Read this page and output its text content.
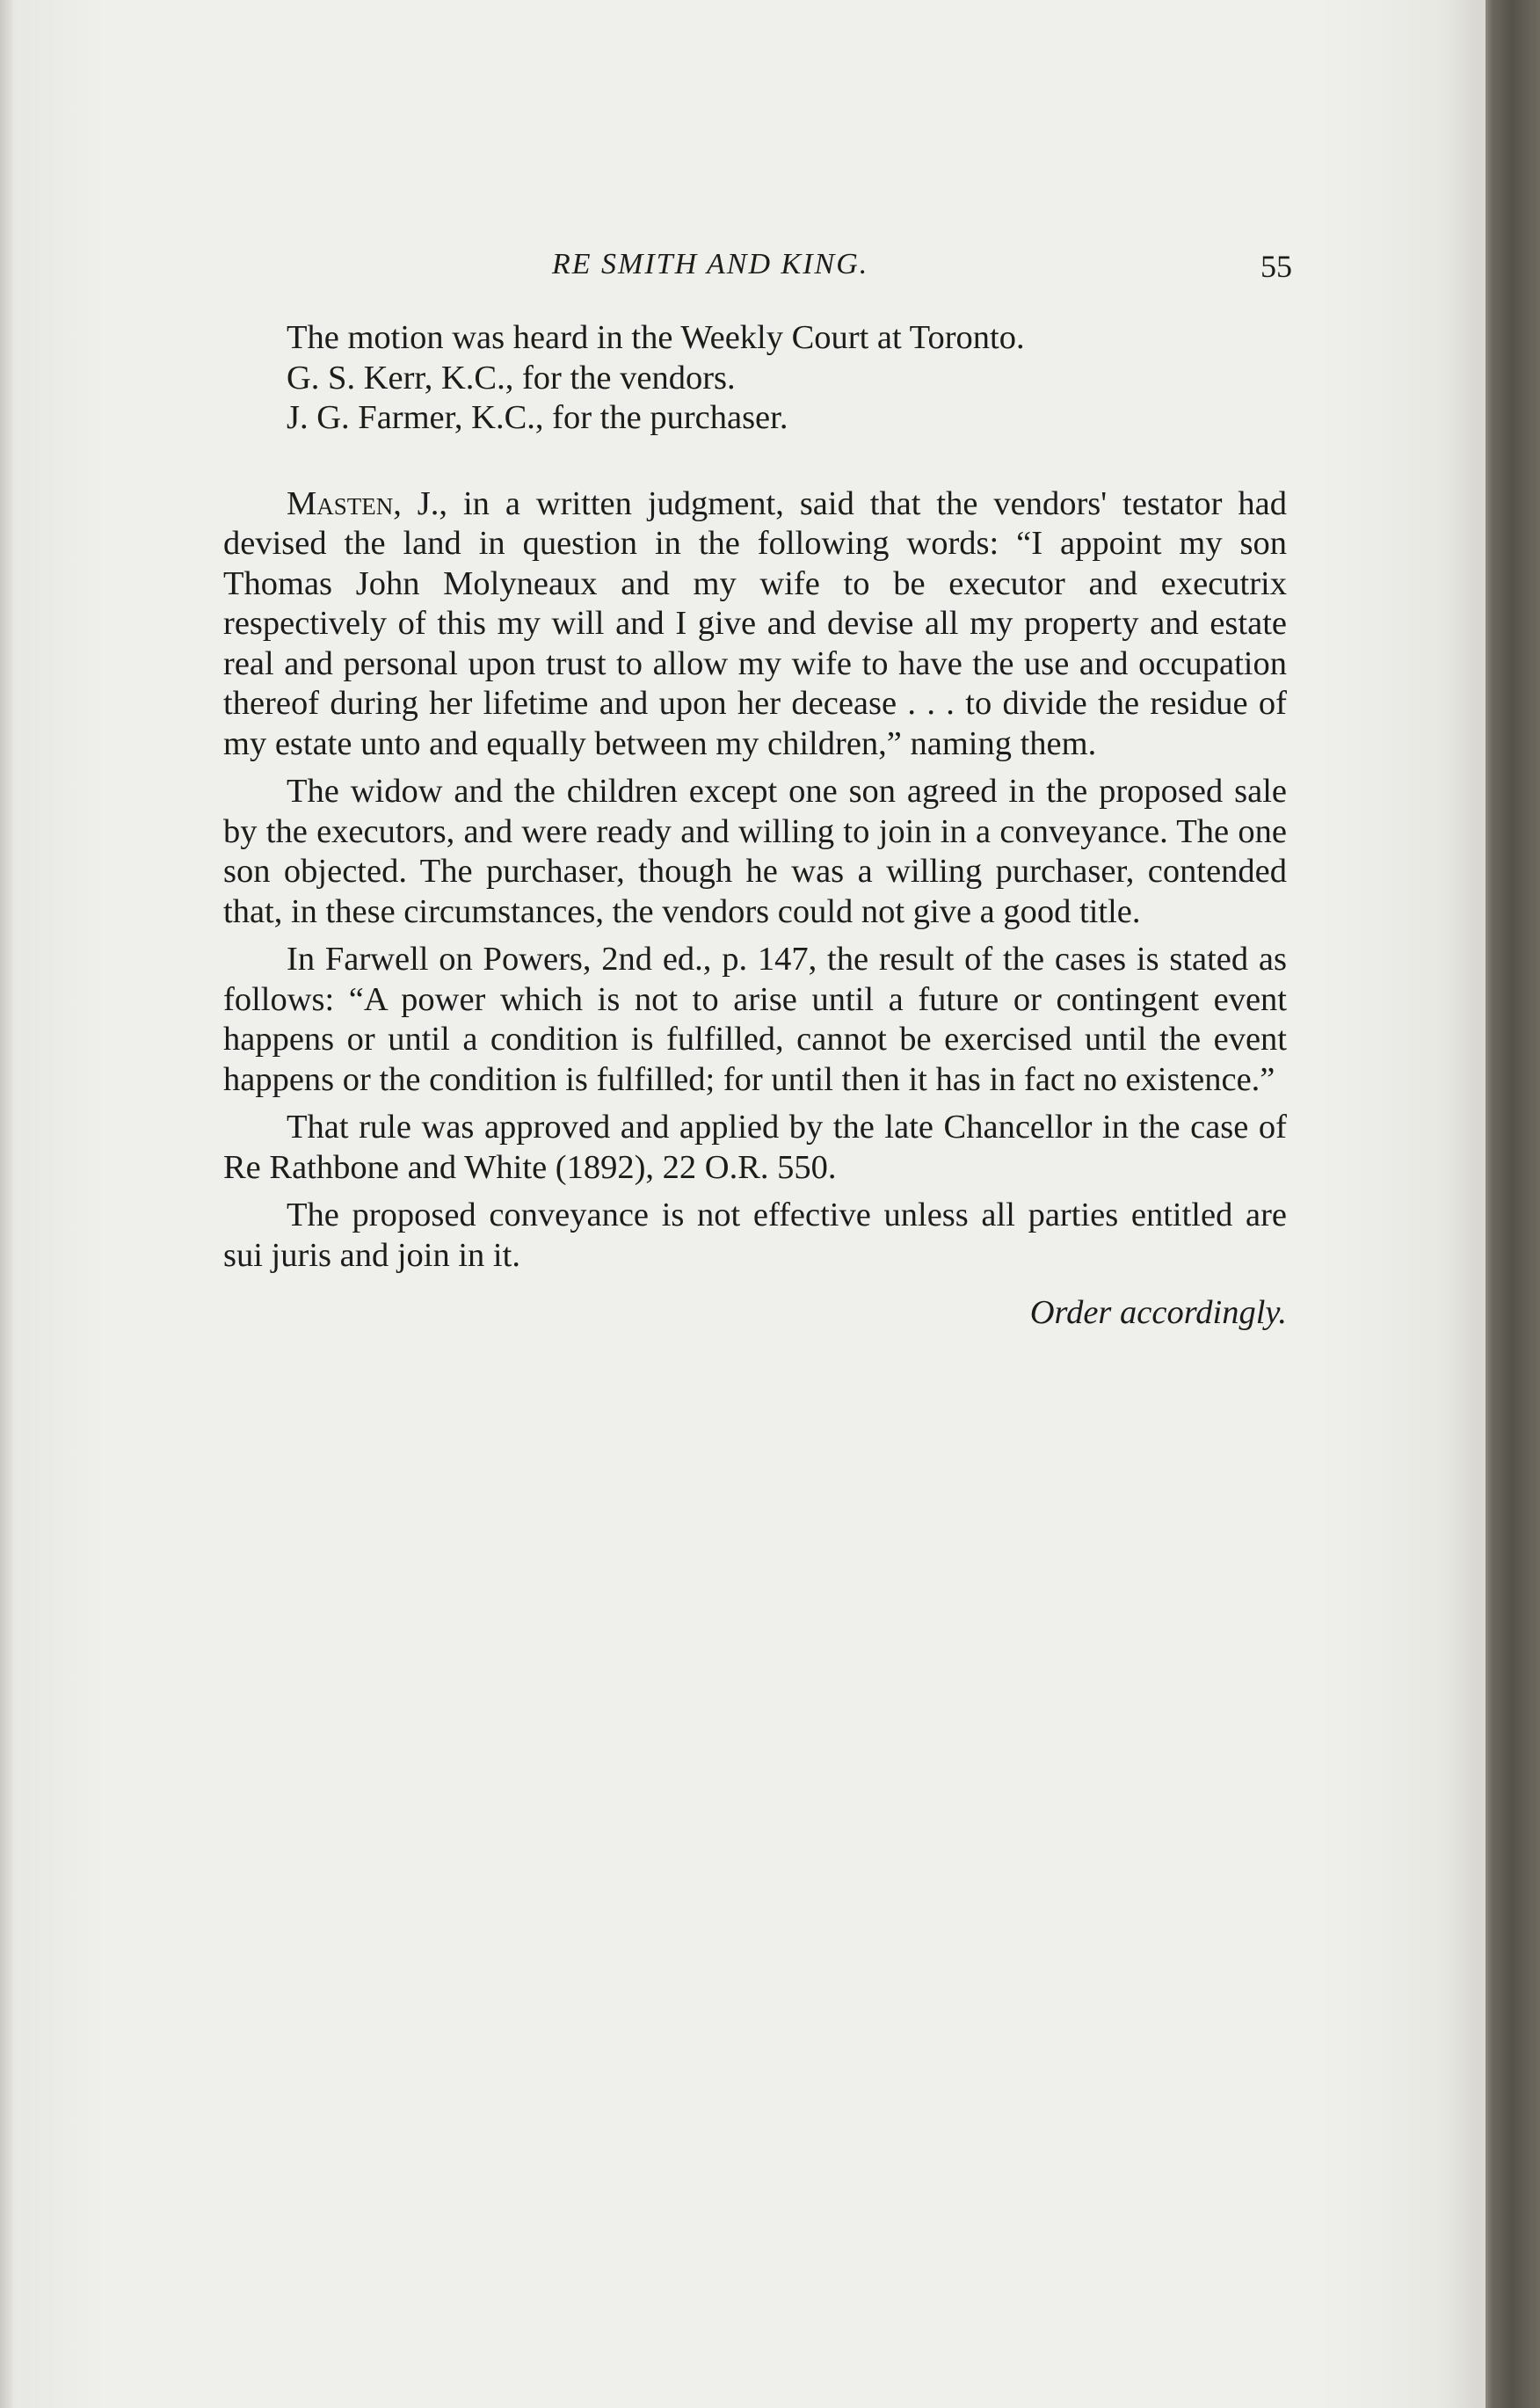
RE SMITH AND KING.	55

The motion was heard in the Weekly Court at Toronto.

G. S. Kerr, K.C., for the vendors.

J. G. Farmer, K.C., for the purchaser.

Masten, J., in a written judgment, said that the vendors' testator had devised the land in question in the following words: “I appoint my son Thomas John Molyneaux and my wife to be executor and executrix respectively of this my will and I give and devise all my property and estate real and personal upon trust to allow my wife to have the use and occupation thereof during her lifetime and upon her decease . . . to divide the residue of my estate unto and equally between my children,” naming them.

The widow and the children except one son agreed in the proposed sale by the executors, and were ready and willing to join in a conveyance. The one son objected. The purchaser, though he was a willing purchaser, contended that, in these circumstances, the vendors could not give a good title.

In Farwell on Powers, 2nd ed., p. 147, the result of the cases is stated as follows: “A power which is not to arise until a future or contingent event happens or until a condition is fulfilled, cannot be exercised until the event happens or the condition is fulfilled; for until then it has in fact no existence.”

That rule was approved and applied by the late Chancellor in the case of Re Rathbone and White (1892), 22 O.R. 550.

The proposed conveyance is not effective unless all parties entitled are sui juris and join in it.

Order accordingly.
